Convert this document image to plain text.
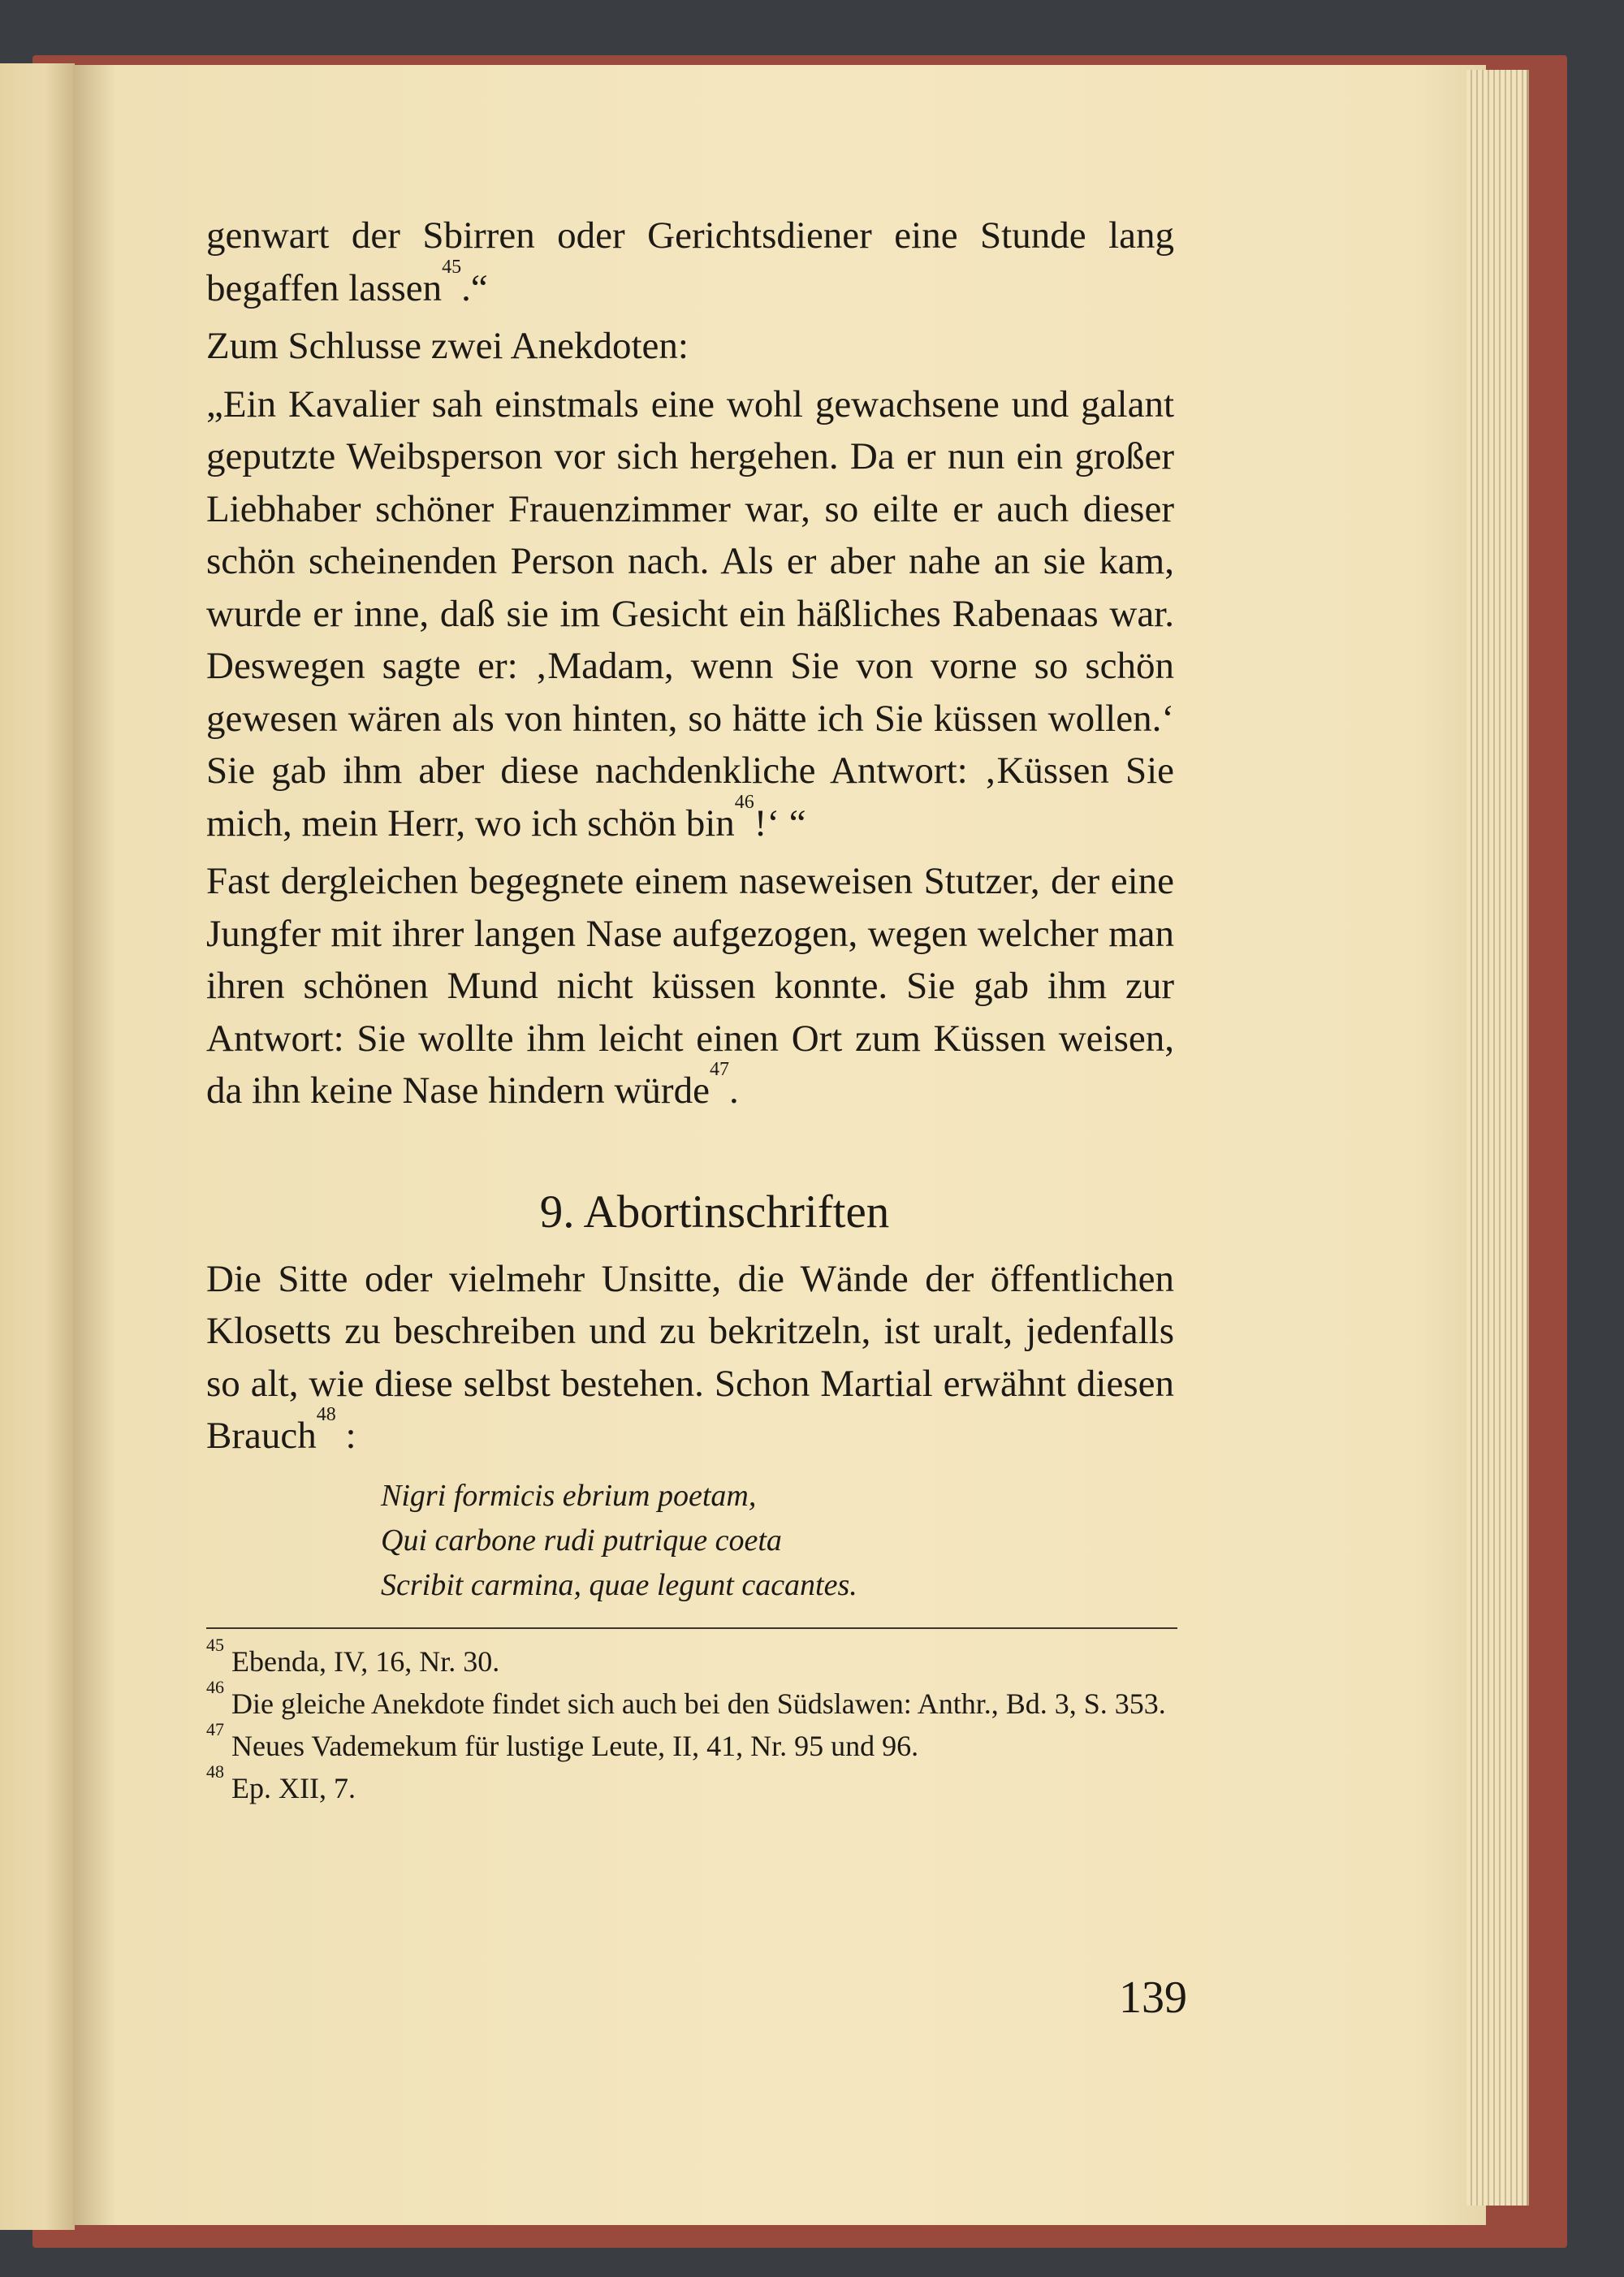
genwart der Sbirren oder Gerichtsdiener eine Stunde lang begaffen lassen$^{45}$.“

Zum Schlusse zwei Anekdoten:

„Ein Kavalier sah einstmals eine wohl gewachsene und galant geputzte Weibsperson vor sich hergehen. Da er nun ein großer Liebhaber schöner Frauenzimmer war, so eilte er auch dieser schön scheinenden Person nach. Als er aber nahe an sie kam, wurde er inne, daß sie im Gesicht ein häßliches Rabenaas war. Deswegen sagte er: ‚Madam, wenn Sie von vorne so schön gewesen wären als von hinten, so hätte ich Sie küssen wollen.‘ Sie gab ihm aber diese nachdenkliche Antwort: ‚Küssen Sie mich, mein Herr, wo ich schön bin$^{46}$!‘ “

Fast dergleichen begegnete einem naseweisen Stutzer, der eine Jungfer mit ihrer langen Nase aufgezogen, wegen welcher man ihren schönen Mund nicht küssen konnte. Sie gab ihm zur Antwort: Sie wollte ihm leicht einen Ort zum Küssen weisen, da ihn keine Nase hindern würde$^{47}$.

9. Abortinschriften

Die Sitte oder vielmehr Unsitte, die Wände der öffentlichen Klosetts zu beschreiben und zu bekritzeln, ist uralt, jedenfalls so alt, wie diese selbst bestehen. Schon Martial erwähnt diesen Brauch$^{48}$ :

Nigri formicis ebrium poetam,
Qui carbone rudi putrique coeta
Scribit carmina, quae legunt cacantes.

$^{45}$ Ebenda, IV, 16, Nr. 30.

$^{46}$ Die gleiche Anekdote findet sich auch bei den Südslawen: Anthr., Bd. 3, S. 353.

$^{47}$ Neues Vademekum für lustige Leute, II, 41, Nr. 95 und 96.

$^{48}$ Ep. XII, 7.

139
